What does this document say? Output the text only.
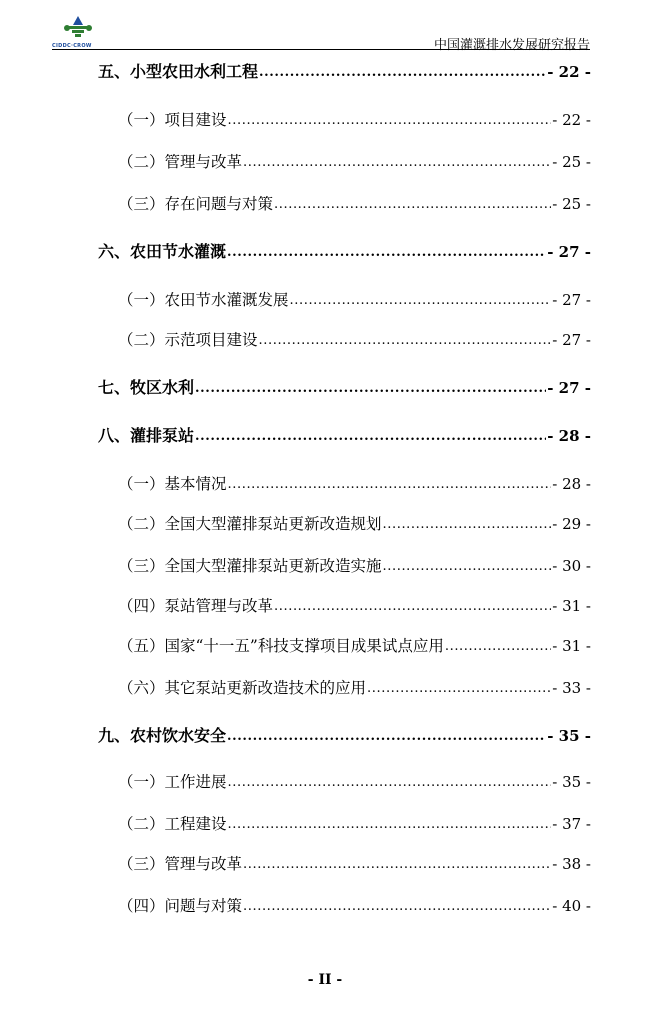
CIDDC·CROW	中国灌溉排水发展研究报告
五、小型农田水利工程 .....	- 22 -
（一）项目建设 .....	- 22 -
（二）管理与改革 .....	- 25 -
（三）存在问题与对策 .....	- 25 -
六、农田节水灌溉 .....	- 27 -
（一）农田节水灌溉发展 .....	- 27 -
（二）示范项目建设 .....	- 27 -
七、牧区水利 .....	- 27 -
八、灌排泵站 .....	- 28 -
（一）基本情况 .....	- 28 -
（二）全国大型灌排泵站更新改造规划 .....	- 29 -
（三）全国大型灌排泵站更新改造实施 .....	- 30 -
（四）泵站管理与改革 .....	- 31 -
（五）国家“十一五”科技支撑项目成果试点应用 .....	- 31 -
（六）其它泵站更新改造技术的应用 .....	- 33 -
九、农村饮水安全 .....	- 35 -
（一）工作进展 .....	- 35 -
（二）工程建设 .....	- 37 -
（三）管理与改革 .....	- 38 -
（四）问题与对策 .....	- 40 -
- II -
